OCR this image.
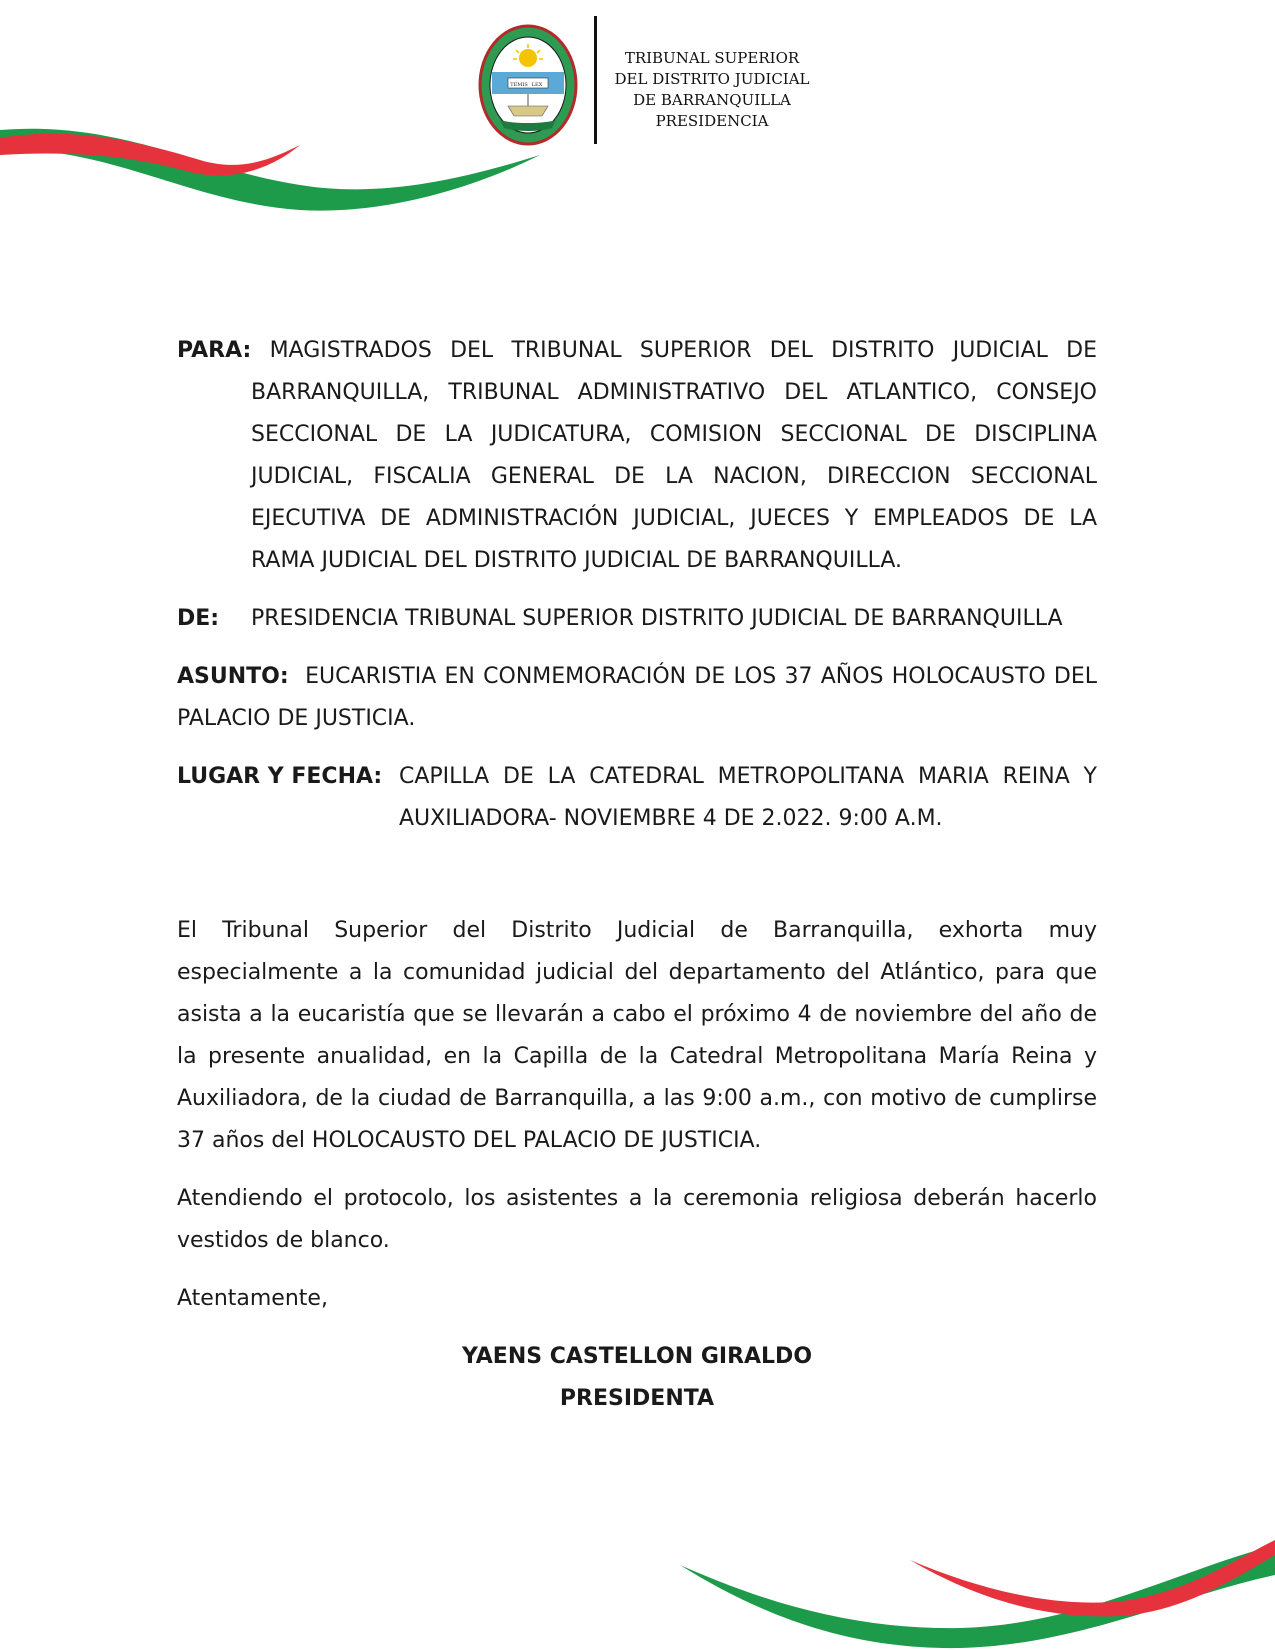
TEMIS LEX
TRIBUNAL SUPERIOR
DEL DISTRITO JUDICIAL
DE BARRANQUILLA
PRESIDENCIA
PARA: MAGISTRADOS DEL TRIBUNAL SUPERIOR DEL DISTRITO JUDICIAL DE BARRANQUILLA, TRIBUNAL ADMINISTRATIVO DEL ATLANTICO, CONSEJO SECCIONAL DE LA JUDICATURA, COMISION SECCIONAL DE DISCIPLINA JUDICIAL, FISCALIA GENERAL DE LA NACION, DIRECCION SECCIONAL EJECUTIVA DE ADMINISTRACIÓN JUDICIAL, JUECES Y EMPLEADOS DE LA RAMA JUDICIAL DEL DISTRITO JUDICIAL DE BARRANQUILLA.
DE:	PRESIDENCIA TRIBUNAL SUPERIOR DISTRITO JUDICIAL DE BARRANQUILLA
ASUNTO: EUCARISTIA EN CONMEMORACIÓN DE LOS 37 AÑOS HOLOCAUSTO DEL PALACIO DE JUSTICIA.
LUGAR Y FECHA: CAPILLA DE LA CATEDRAL METROPOLITANA MARIA REINA Y AUXILIADORA- NOVIEMBRE 4 DE 2.022. 9:00 A.M.
El Tribunal Superior del Distrito Judicial de Barranquilla, exhorta muy especialmente a la comunidad judicial del departamento del Atlántico, para que asista a la eucaristía que se llevarán a cabo el próximo 4 de noviembre del año de la presente anualidad, en la Capilla de la Catedral Metropolitana María Reina y Auxiliadora, de la ciudad de Barranquilla, a las 9:00 a.m., con motivo de cumplirse 37 años del HOLOCAUSTO DEL PALACIO DE JUSTICIA.
Atendiendo el protocolo, los asistentes a la ceremonia religiosa deberán hacerlo vestidos de blanco.
Atentamente,
YAENS CASTELLON GIRALDO
PRESIDENTA
